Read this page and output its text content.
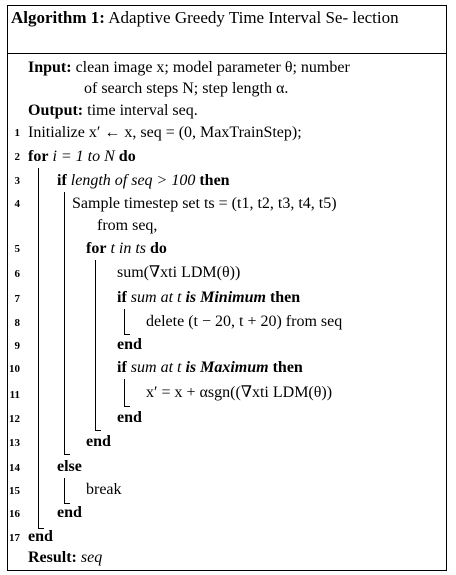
Algorithm 1: Adaptive Greedy Time Interval Se- lection
Input: clean image x; model parameter θ; number
of search steps N; step length α.
Output: time interval seq.
1 Initialize x′ ← x, seq = (0, MaxTrainStep);
2 for i = 1 to N do
3 if length of seq > 100 then
4	Sample timestep set ts = (t1, t2, t3, t4, t5)
from seq,
5	for t in ts do
6	sum(∇xti LDM(θ))
7	if sum at t is Minimum then
8	delete (t − 20, t + 20) from seq
9	end
10	if sum at t is Maximum then
11	x′ = x + αsgn((∇xti LDM(θ))
12	end
13	end
14 else
15	break
16 end
17 end
Result: seq
